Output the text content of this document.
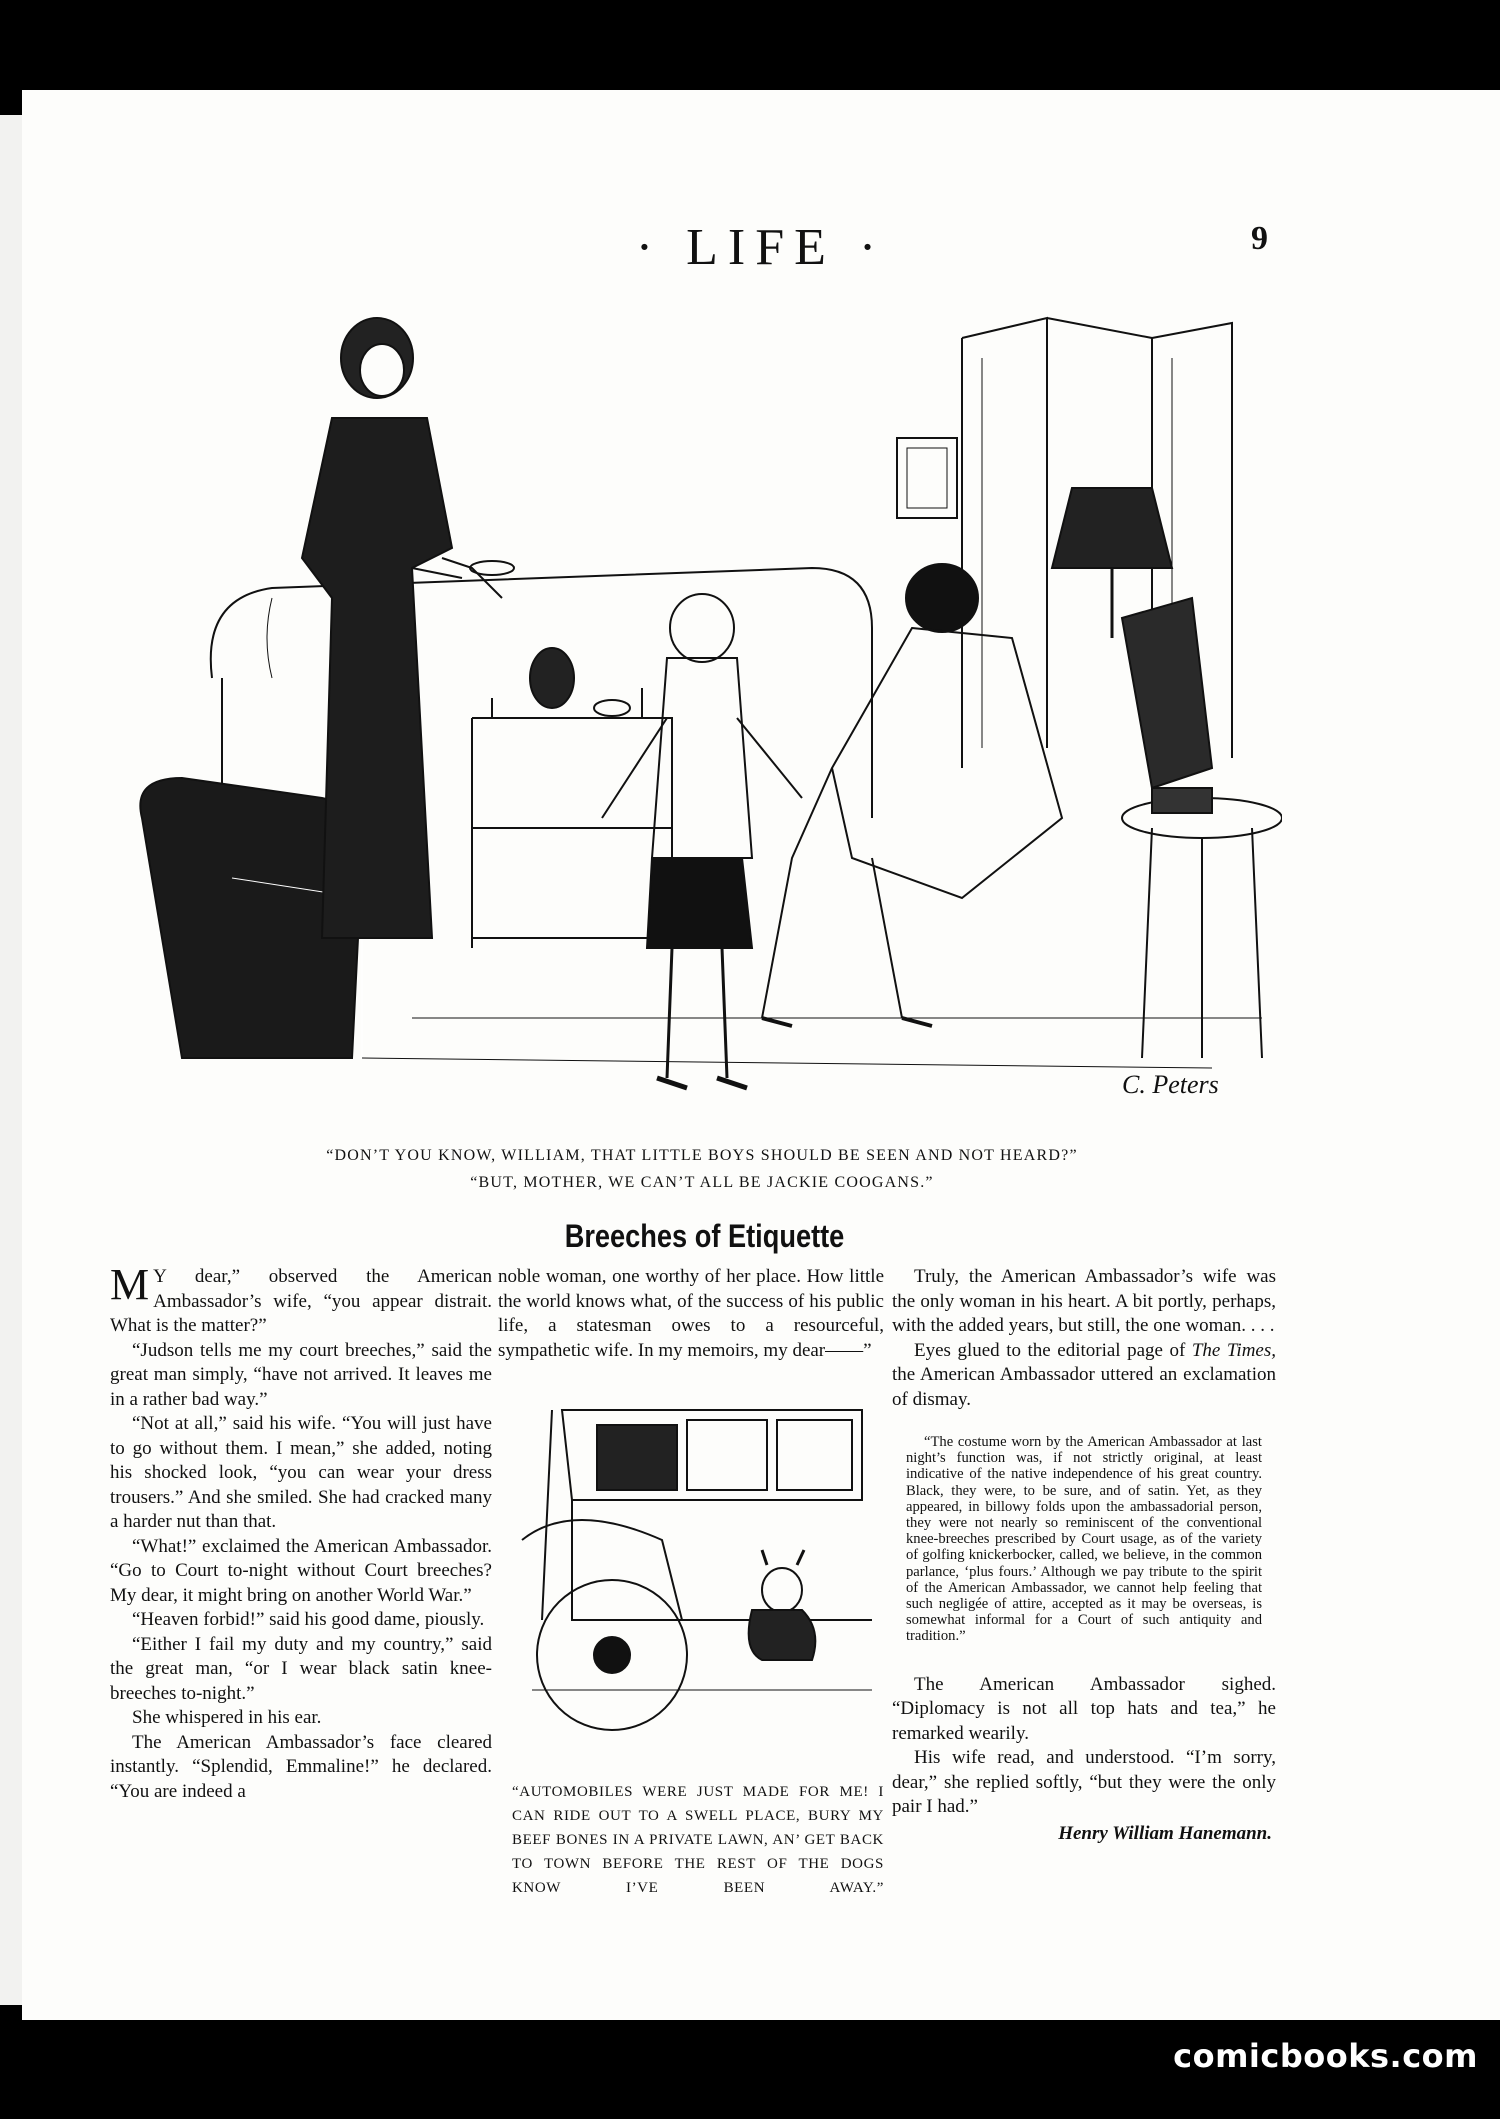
· LIFE ·	9
C. Peters
“DON’T YOU KNOW, WILLIAM, THAT LITTLE BOYS SHOULD BE SEEN AND NOT HEARD?”
“BUT, MOTHER, WE CAN’T ALL BE JACKIE COOGANS.”
Breeches of Etiquette

M Y dear,” observed the American Ambassador’s wife, “you appear distrait. What is the matter?”

“Judson tells me my court breeches,” said the great man simply, “have not arrived. It leaves me in a rather bad way.”

“Not at all,” said his wife. “You will just have to go without them. I mean,” she added, noting his shocked look, “you can wear your dress trousers.” And she smiled. She had cracked many a harder nut than that.

“What!” exclaimed the American Ambassador. “Go to Court to-night without Court breeches? My dear, it might bring on another World War.”

“Heaven forbid!” said his good dame, piously.

“Either I fail my duty and my country,” said the great man, “or I wear black satin knee-breeches to-night.”

She whispered in his ear.

The American Ambassador’s face cleared instantly. “Splendid, Emmaline!” he declared. “You are indeed a

noble woman, one worthy of her place. How little the world knows what, of the success of his public life, a statesman owes to a resourceful, sympathetic wife. In my memoirs, my dear——”

“AUTOMOBILES WERE JUST MADE FOR ME! I CAN RIDE OUT TO A SWELL PLACE, BURY MY BEEF BONES IN A PRIVATE LAWN, AN’ GET BACK TO TOWN BEFORE THE REST OF THE DOGS KNOW I’VE BEEN AWAY.”

Truly, the American Ambassador’s wife was the only woman in his heart. A bit portly, perhaps, with the added years, but still, the one woman. . . .

Eyes glued to the editorial page of The Times, the American Ambassador uttered an exclamation of dismay.

“The costume worn by the American Ambassador at last night’s function was, if not strictly original, at least indicative of the native independence of his great country. Black, they were, to be sure, and of satin. Yet, as they appeared, in billowy folds upon the ambassadorial person, they were not nearly so reminiscent of the conventional knee-breeches prescribed by Court usage, as of the variety of golfing knickerbocker, called, we believe, in the common parlance, ‘plus fours.’ Although we pay tribute to the spirit of the American Ambassador, we cannot help feeling that such negligée of attire, accepted as it may be overseas, is somewhat informal for a Court of such antiquity and tradition.”

The American Ambassador sighed. “Diplomacy is not all top hats and tea,” he remarked wearily.

His wife read, and understood. “I’m sorry, dear,” she replied softly, “but they were the only pair I had.”

Henry William Hanemann.
comicbooks.com
